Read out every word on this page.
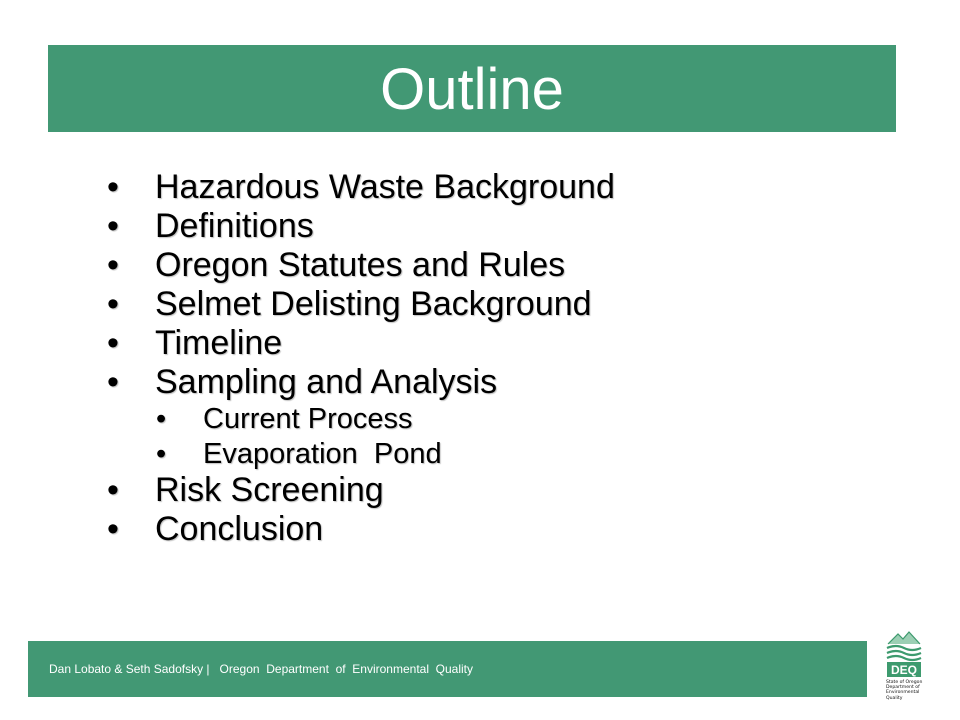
Outline
• Hazardous Waste Background
• Definitions
• Oregon Statutes and Rules
• Selmet Delisting Background
• Timeline
• Sampling and Analysis
• Current Process
• Evaporation  Pond
• Risk Screening
• Conclusion
Dan Lobato & Seth Sadofsky |   Oregon  Department  of  Environmental  Quality	DEQ
State of Oregon
Department of
Environmental
Quality
